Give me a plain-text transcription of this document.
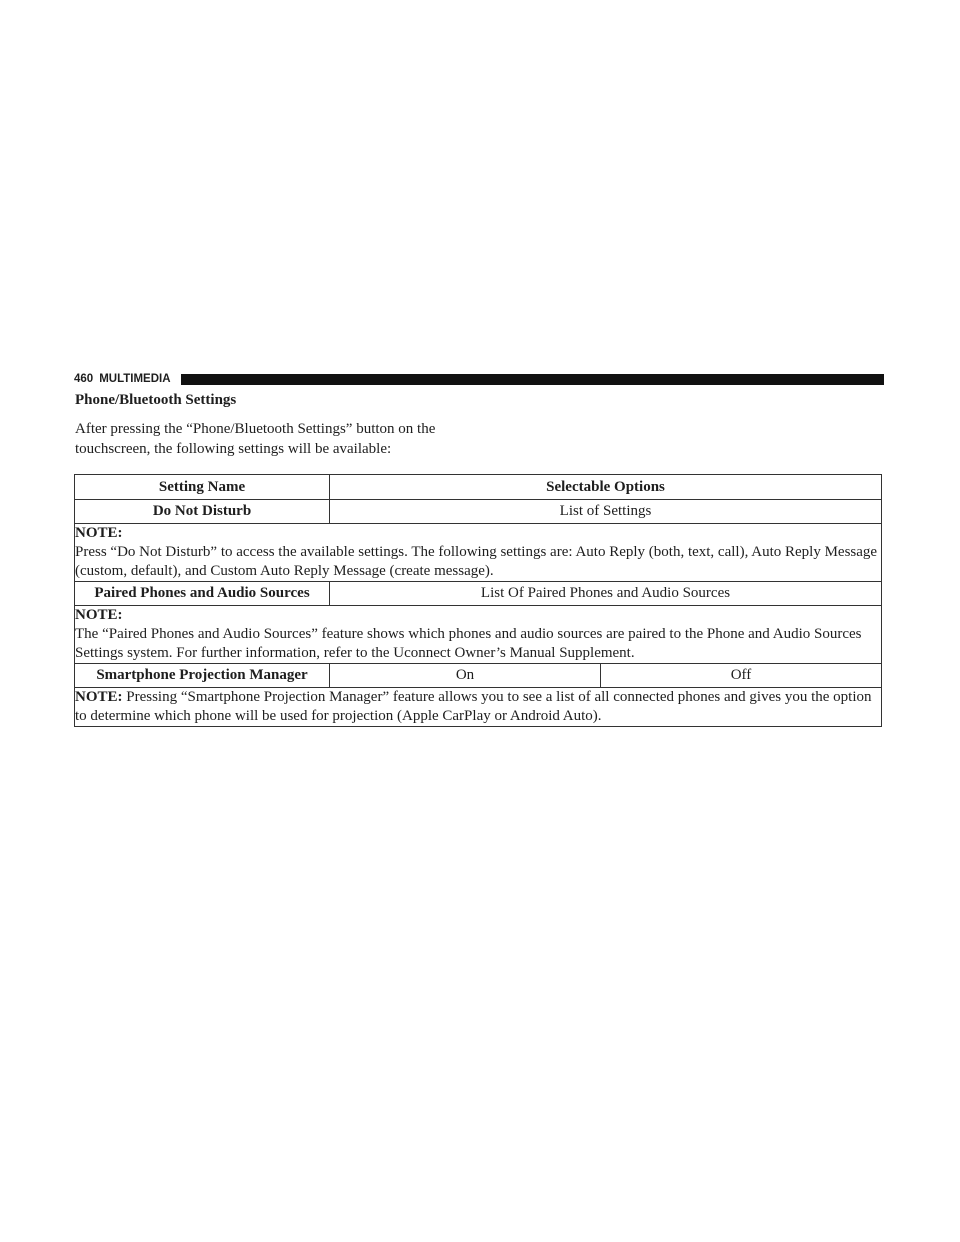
460 MULTIMEDIA
Phone/Bluetooth Settings
After pressing the “Phone/Bluetooth Settings” button on the touchscreen, the following settings will be available:
Setting Name	Selectable Options	
Do Not Disturb	List of Settings	

NOTE:
Press “Do Not Disturb” to access the available settings. The following settings are: Auto Reply (both, text, call), Auto Reply Message (custom, default), and Custom Auto Reply Message (create message).		

Paired Phones and Audio Sources	List Of Paired Phones and Audio Sources	

NOTE:
The “Paired Phones and Audio Sources” feature shows which phones and audio sources are paired to the Phone and Audio Sources Settings system. For further information, refer to the Uconnect Owner’s Manual Supplement.		

Smartphone Projection Manager	On	Off
NOTE: Pressing “Smartphone Projection Manager” feature allows you to see a list of all connected phones and gives you the option to determine which phone will be used for projection (Apple CarPlay or Android Auto).		
